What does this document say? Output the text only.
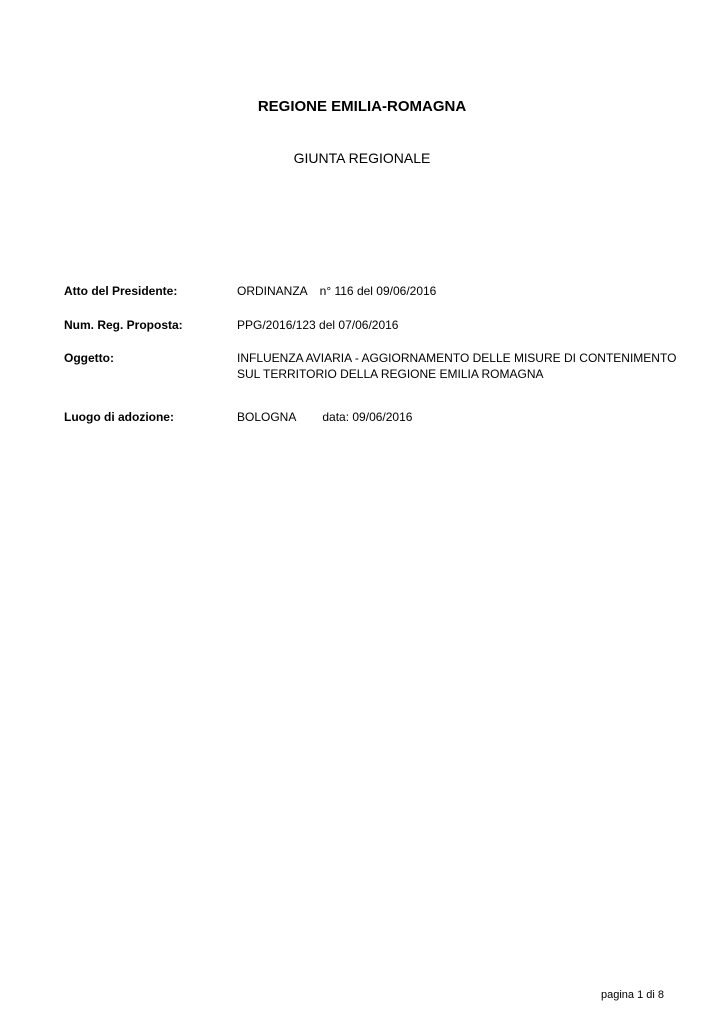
REGIONE EMILIA-ROMAGNA
GIUNTA REGIONALE
Atto del Presidente:	ORDINANZA n° 116 del 09/06/2016
Num. Reg. Proposta:	PPG/2016/123 del 07/06/2016
Oggetto:	INFLUENZA AVIARIA - AGGIORNAMENTO DELLE MISURE DI CONTENIMENTO
SUL TERRITORIO DELLA REGIONE EMILIA ROMAGNA
Luogo di adozione:	BOLOGNA data: 09/06/2016
pagina 1 di 8
